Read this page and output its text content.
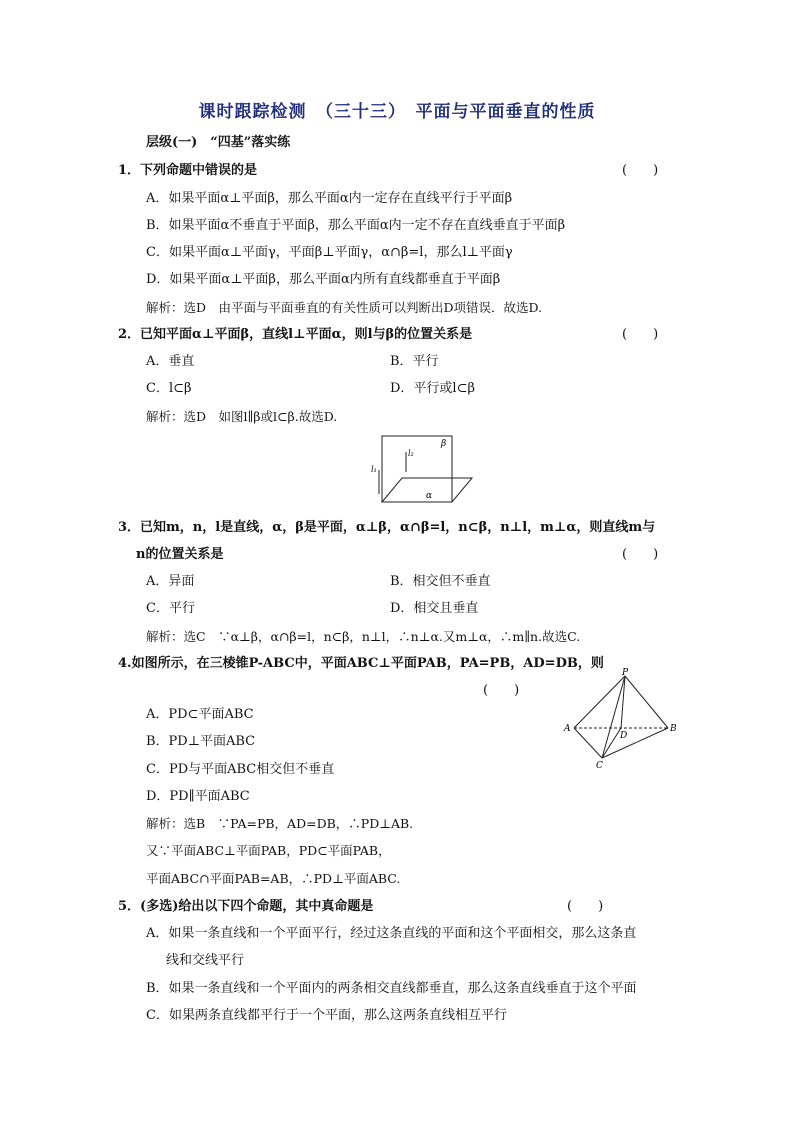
课时跟踪检测　（三十三）　平面与平面垂直的性质
层级(一)　“四基”落实练
1．下列命题中错误的是	(　　)
A．如果平面α⊥平面β，那么平面α内一定存在直线平行于平面β
B．如果平面α不垂直于平面β，那么平面α内一定不存在直线垂直于平面β
C．如果平面α⊥平面γ，平面β⊥平面γ，α∩β=l，那么l⊥平面γ
D．如果平面α⊥平面β，那么平面α内所有直线都垂直于平面β
解析：选D　由平面与平面垂直的有关性质可以判断出D项错误．故选D.
2．已知平面α⊥平面β，直线l⊥平面α，则l与β的位置关系是	(　　)
A．垂直	B．平行
C．l⊂β	D．平行或l⊂β
解析：选D　如图l∥β或l⊂β.故选D.
β
α
l₁
l₂
3．已知m，n，l是直线，α，β是平面，α⊥β，α∩β=l，n⊂β，n⊥l，m⊥α，则直线m与
n的位置关系是	(　　)
A．异面	B．相交但不垂直
C．平行	D．相交且垂直
解析：选C　∵α⊥β，α∩β=l，n⊂β，n⊥l，∴n⊥α.又m⊥α，∴m∥n.故选C.
4.如图所示，在三棱锥P-ABC中，平面ABC⊥平面PAB，PA=PB，AD=DB，则
(　　)
A．PD⊂平面ABC
B．PD⊥平面ABC
C．PD与平面ABC相交但不垂直
D．PD∥平面ABC
解析：选B　∵PA=PB，AD=DB，∴PD⊥AB.
又∵平面ABC⊥平面PAB，PD⊂平面PAB，
平面ABC∩平面PAB=AB，∴PD⊥平面ABC.
P
A	B
C
D
5．(多选)给出以下四个命题，其中真命题是	(　　)
A．如果一条直线和一个平面平行，经过这条直线的平面和这个平面相交，那么这条直
线和交线平行
B．如果一条直线和一个平面内的两条相交直线都垂直，那么这条直线垂直于这个平面
C．如果两条直线都平行于一个平面，那么这两条直线相互平行
